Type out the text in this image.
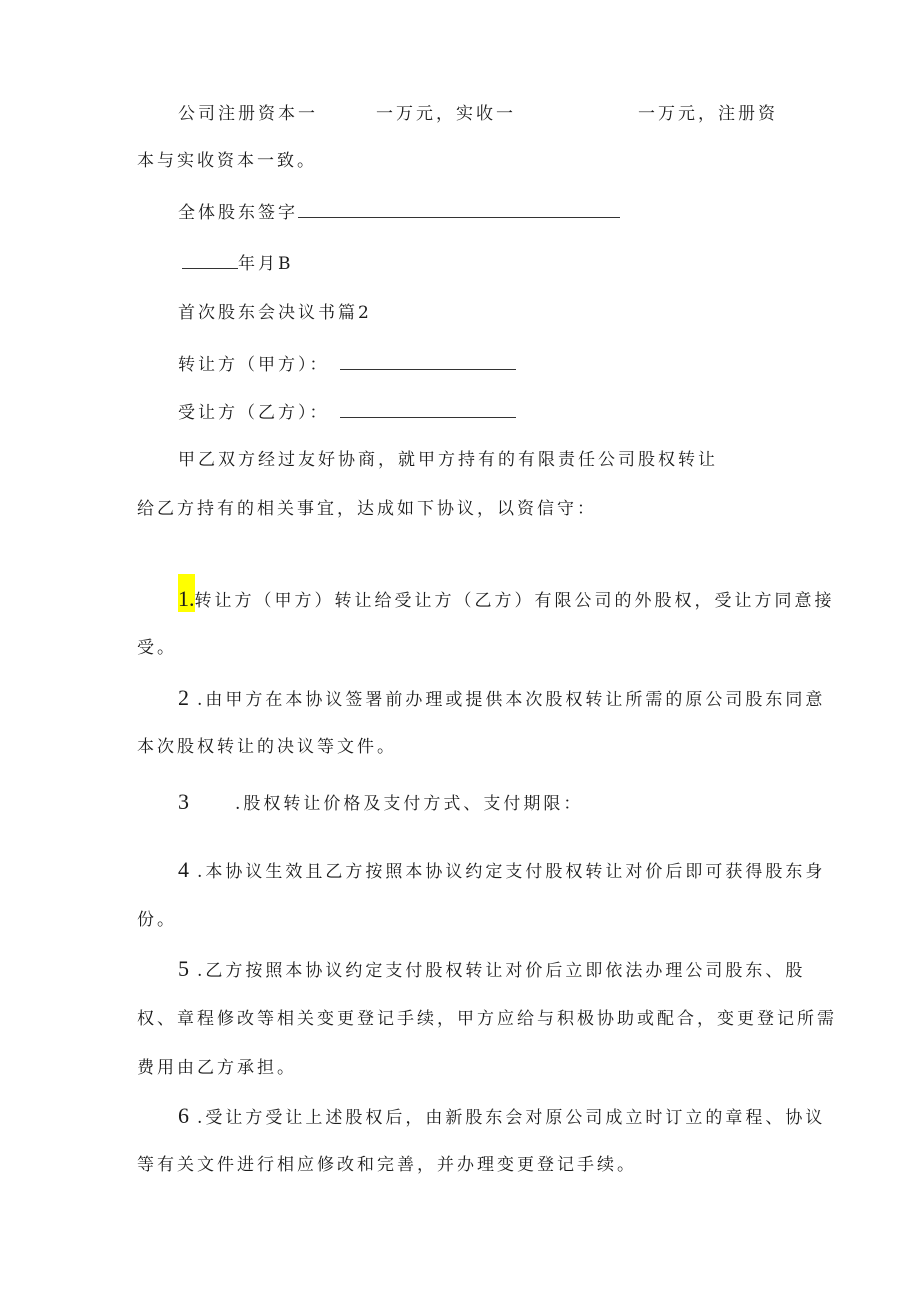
公司注册资本一	一万元，实收一	一万元，注册资
本与实收资本一致。
全体股东签字
年月B
首次股东会决议书篇2
转让方（甲方）：
受让方（乙方）：
甲乙双方经过友好协商，就甲方持有的有限责任公司股权转让
给乙方持有的相关事宜，达成如下协议，以资信守：
1.转让方（甲方）转让给受让方（乙方）有限公司的外股权，受让方同意接
受。
2 .由甲方在本协议签署前办理或提供本次股权转让所需的原公司股东同意
本次股权转让的决议等文件。
3	.股权转让价格及支付方式、支付期限：
4 .本协议生效且乙方按照本协议约定支付股权转让对价后即可获得股东身
份。
5 .乙方按照本协议约定支付股权转让对价后立即依法办理公司股东、股
权、章程修改等相关变更登记手续，甲方应给与积极协助或配合，变更登记所需
费用由乙方承担。
6 .受让方受让上述股权后，由新股东会对原公司成立时订立的章程、协议
等有关文件进行相应修改和完善，并办理变更登记手续。
